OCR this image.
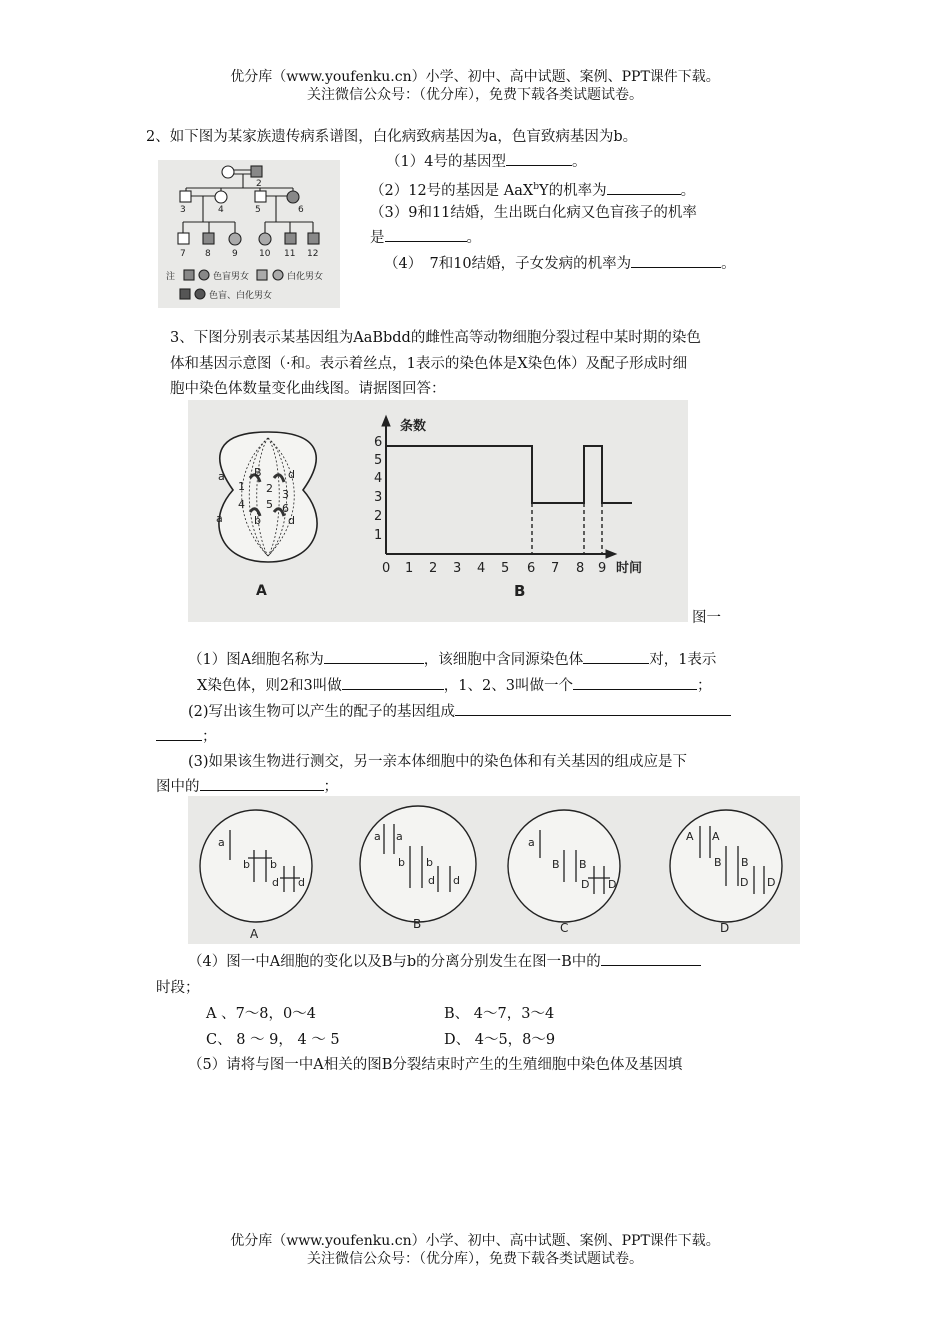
优分库（www.youfenku.cn）小学、初中、高中试题、案例、PPT课件下载。
关注微信公众号：（优分库），免费下载各类试题试卷。
2、如下图为某家族遗传病系谱图，白化病致病基因为a，色盲致病基因为b。
2
3	4	5	6
7 8 9 10 11 12
注	色盲男女	白化男女
色盲、白化男女
（1）4号的基因型	。
（2）12号的基因是 AaX$^b$Y的机率为	。
（3）9和11结婚，生出既白化病又色盲孩子的机率
是	。
（4）　7和10结婚，子女发病的机率为	。
3、下图分别表示某基因组为AaBbdd的雌性高等动物细胞分裂过程中某时期的染色
体和基因示意图（·和。表示着丝点，1表示的染色体是X染色体）及配子形成时细
胞中染色体数量变化曲线图。请据图回答：
a	B d
a	b d
1 2 3
4 5 6
A
条数
1
2
3
4
5
6
0 1 2 3 4 5 6 7 8 9 时间
B
图一
（1）图A细胞名称为	，该细胞中含同源染色体	对，1表示
X染色体，则2和3叫做	，1、2、3叫做一个	；
(2)写出该生物可以产生的配子的基因组成
；
(3)如果该生物进行测交，另一亲本体细胞中的染色体和有关基因的组成应是下
图中的	；
a
b b
d d
A
a a
b b
d d
B
a
B B
D D
C
A A
B B
D D
D
（4）图一中A细胞的变化以及B与b的分离分别发生在图一B中的
时段；
A 、7～8，0～4	B、 4～7，3～4
C、 8 ～ 9， 4 ～ 5	D、 4～5，8～9
（5）请将与图一中A相关的图B分裂结束时产生的生殖细胞中染色体及基因填
优分库（www.youfenku.cn）小学、初中、高中试题、案例、PPT课件下载。
关注微信公众号：（优分库），免费下载各类试题试卷。
